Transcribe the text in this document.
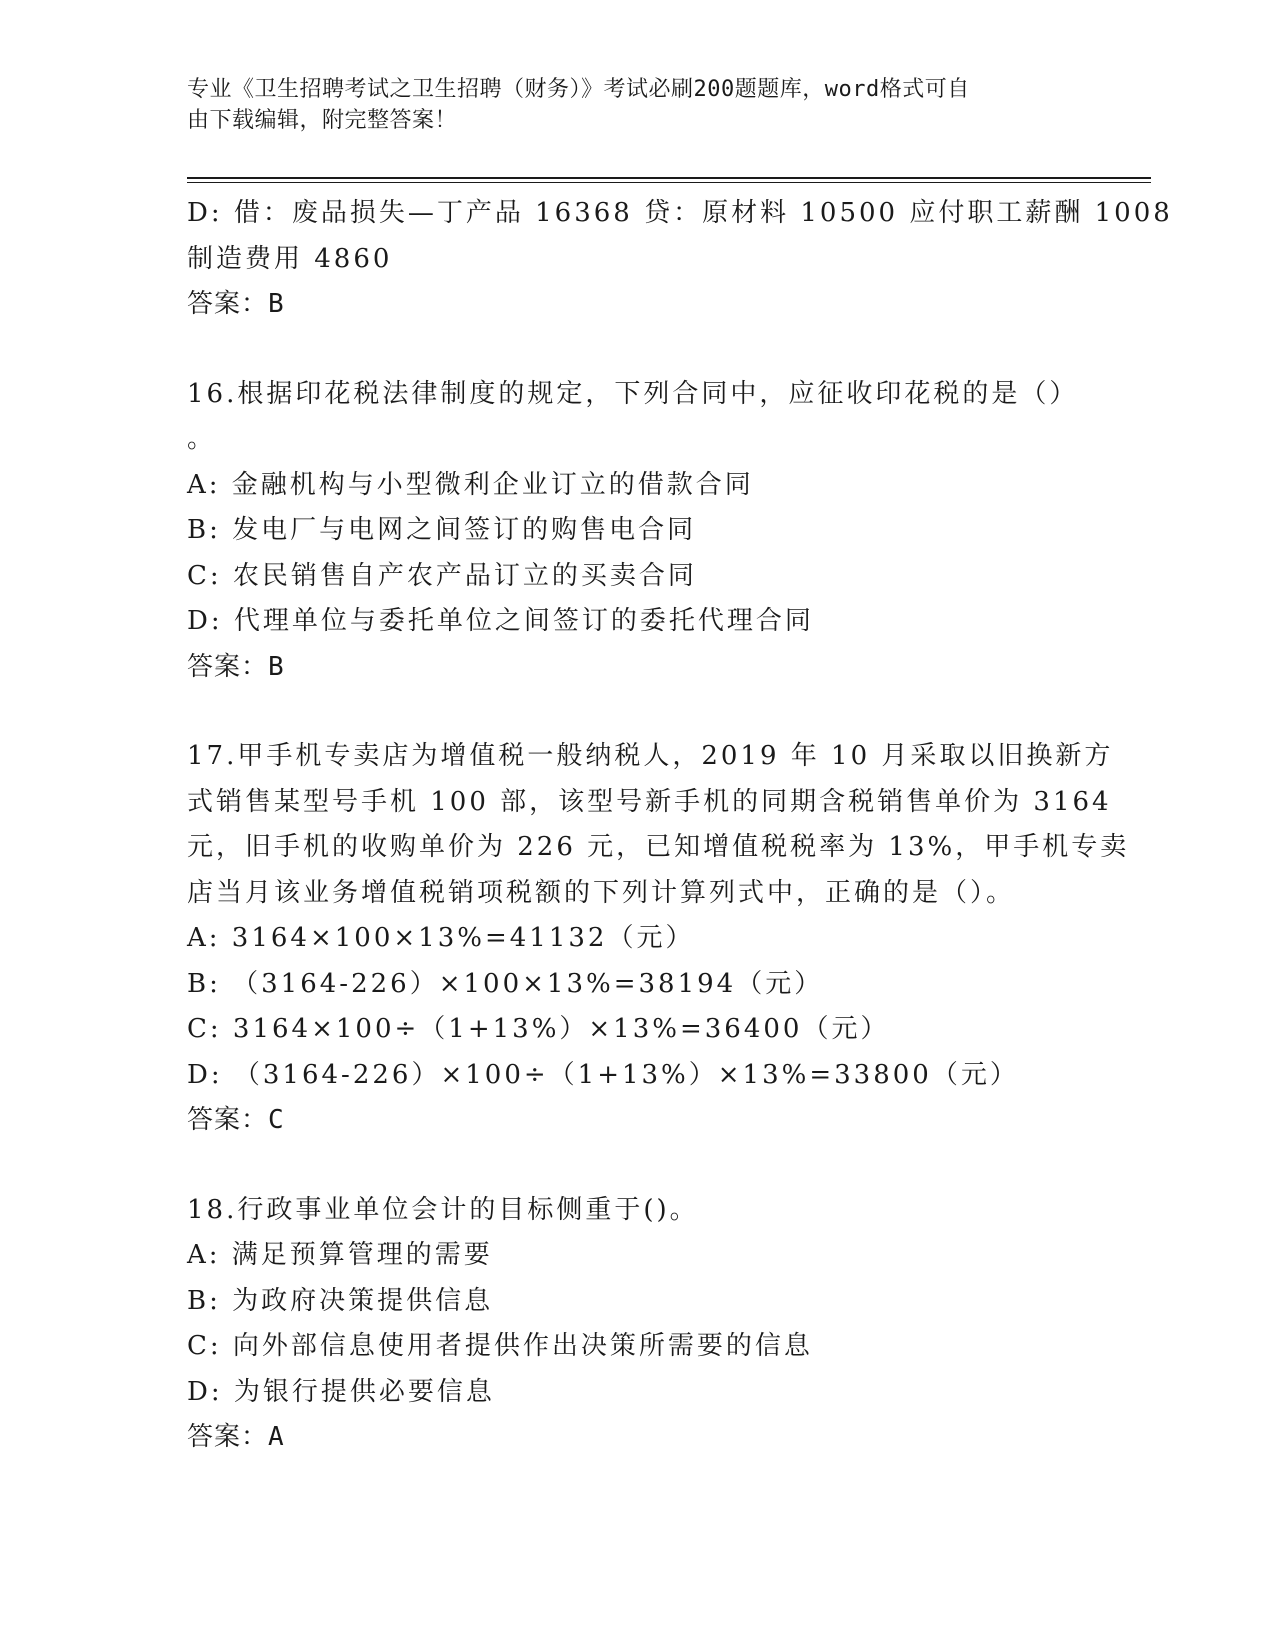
专业《卫生招聘考试之卫生招聘（财务）》考试必刷200题题库，word格式可自
由下载编辑，附完整答案！
D: 借：废品损失—丁产品 16368 贷：原材料 10500 应付职工薪酬 1008
制造费用 4860
答案：B
16.根据印花税法律制度的规定，下列合同中，应征收印花税的是（）
。
A: 金融机构与小型微利企业订立的借款合同
B: 发电厂与电网之间签订的购售电合同
C: 农民销售自产农产品订立的买卖合同
D: 代理单位与委托单位之间签订的委托代理合同
答案：B
17.甲手机专卖店为增值税一般纳税人，2019 年 10 月采取以旧换新方
式销售某型号手机 100 部，该型号新手机的同期含税销售单价为 3164
元，旧手机的收购单价为 226 元，已知增值税税率为 13%，甲手机专卖
店当月该业务增值税销项税额的下列计算列式中，正确的是（）。
A: 3164×100×13%=41132（元）
B: （3164-226）×100×13%=38194（元）
C: 3164×100÷（1+13%）×13%=36400（元）
D: （3164-226）×100÷（1+13%）×13%=33800（元）
答案：C
18.行政事业单位会计的目标侧重于()。
A: 满足预算管理的需要
B: 为政府决策提供信息
C: 向外部信息使用者提供作出决策所需要的信息
D: 为银行提供必要信息
答案：A
